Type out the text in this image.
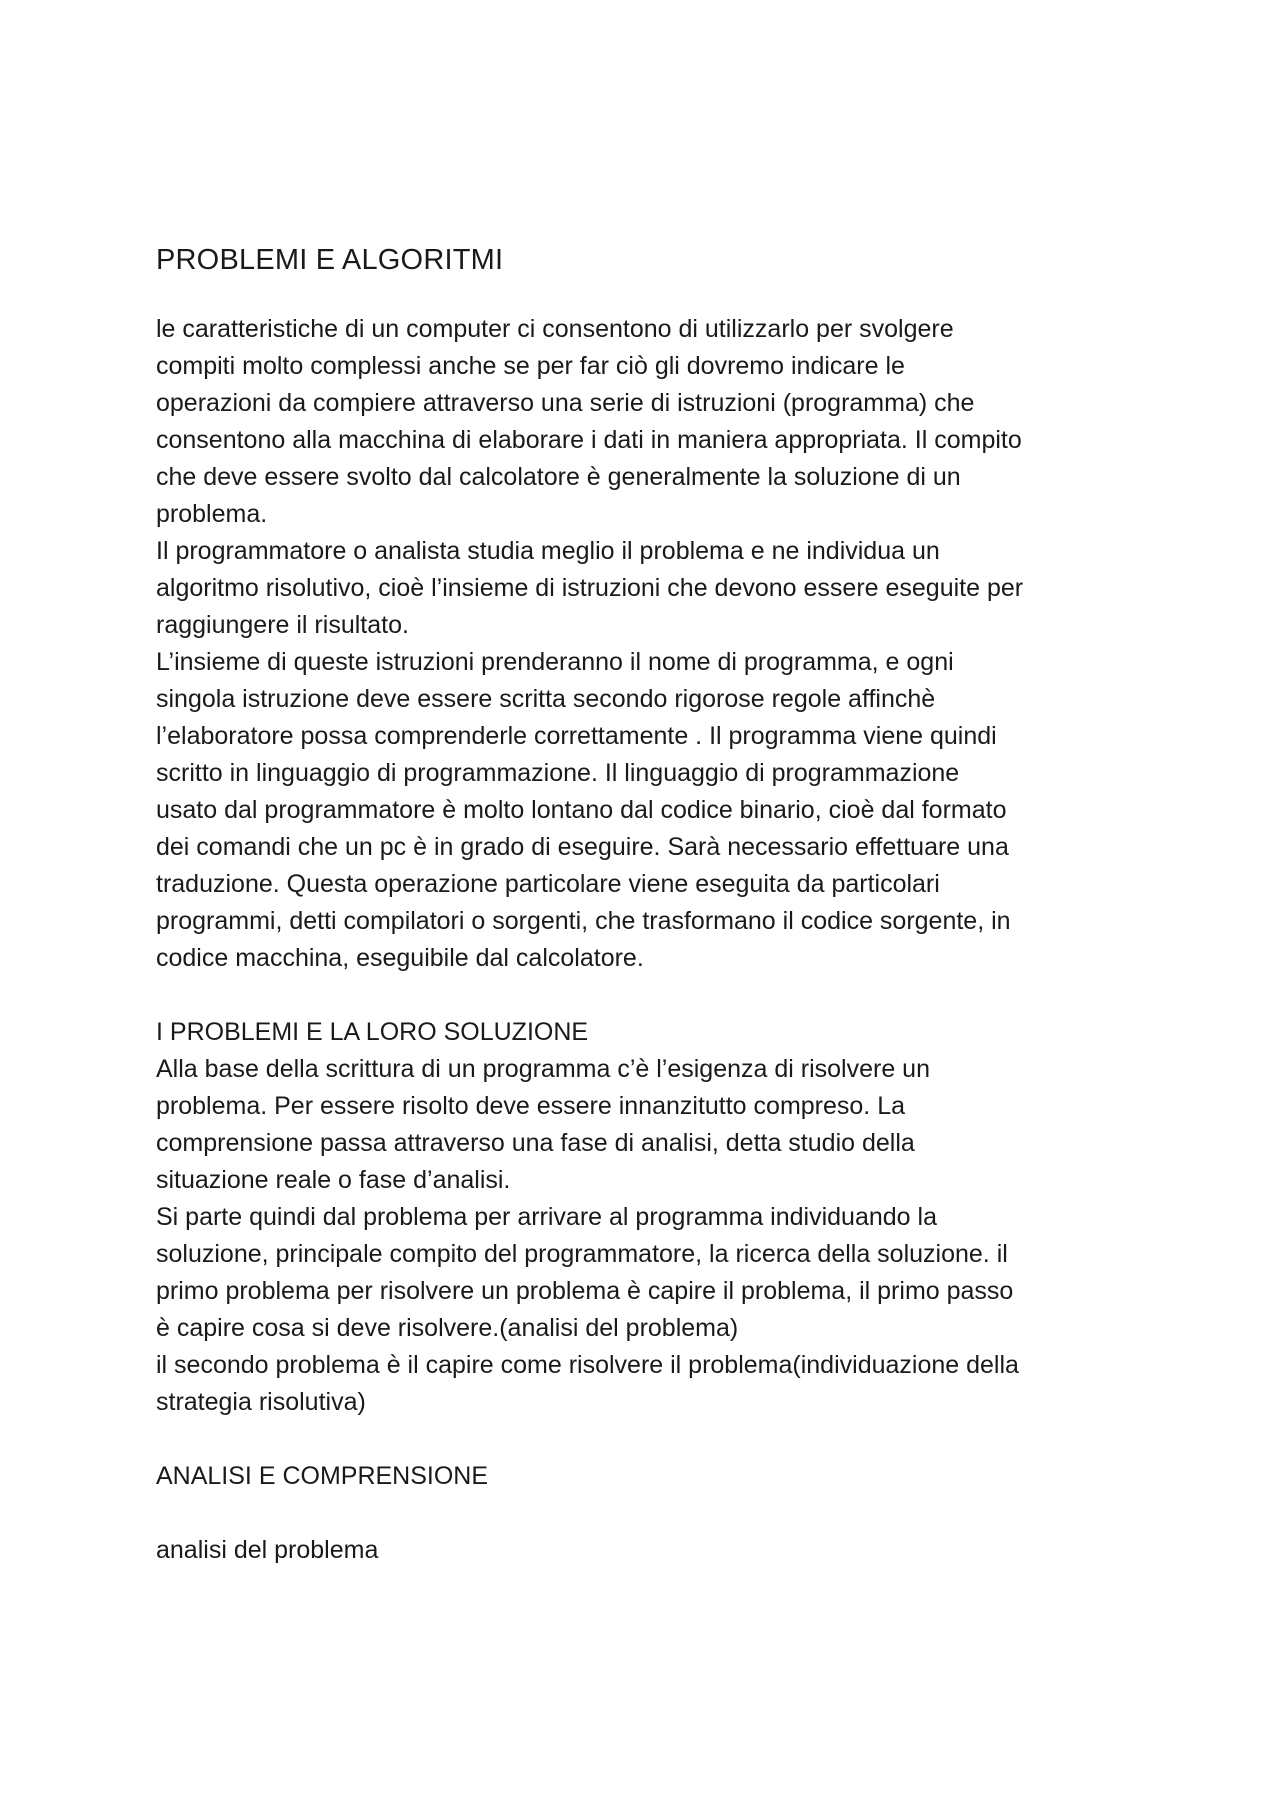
PROBLEMI E ALGORITMI

le caratteristiche di un computer ci consentono di utilizzarlo per svolgere
compiti molto complessi anche se per far ciò gli dovremo indicare le
operazioni da compiere attraverso una serie di istruzioni (programma) che
consentono alla macchina di elaborare i dati in maniera appropriata. Il compito
che deve essere svolto dal calcolatore è generalmente la soluzione di un
problema.
Il programmatore o analista studia meglio il problema e ne individua un
algoritmo risolutivo, cioè l’insieme di istruzioni che devono essere eseguite per
raggiungere il risultato.
L’insieme di queste istruzioni prenderanno il nome di programma, e ogni
singola istruzione deve essere scritta secondo rigorose regole affinchè
l’elaboratore possa comprenderle correttamente . Il programma viene quindi
scritto in linguaggio di programmazione. Il linguaggio di programmazione
usato dal programmatore è molto lontano dal codice binario, cioè dal formato
dei comandi che un pc è in grado di eseguire. Sarà necessario effettuare una
traduzione. Questa operazione particolare viene eseguita da particolari
programmi, detti compilatori o sorgenti, che trasformano il codice sorgente, in
codice macchina, eseguibile dal calcolatore.

I PROBLEMI E LA LORO SOLUZIONE

Alla base della scrittura di un programma c’è l’esigenza di risolvere un
problema. Per essere risolto deve essere innanzitutto compreso. La
comprensione passa attraverso una fase di analisi, detta studio della
situazione reale o fase d’analisi.
Si parte quindi dal problema per arrivare al programma individuando la
soluzione, principale compito del programmatore, la ricerca della soluzione. il
primo problema per risolvere un problema è capire il problema, il primo passo
è capire cosa si deve risolvere.(analisi del problema)
il secondo problema è il capire come risolvere il problema(individuazione della
strategia risolutiva)

ANALISI E COMPRENSIONE

analisi del problema
